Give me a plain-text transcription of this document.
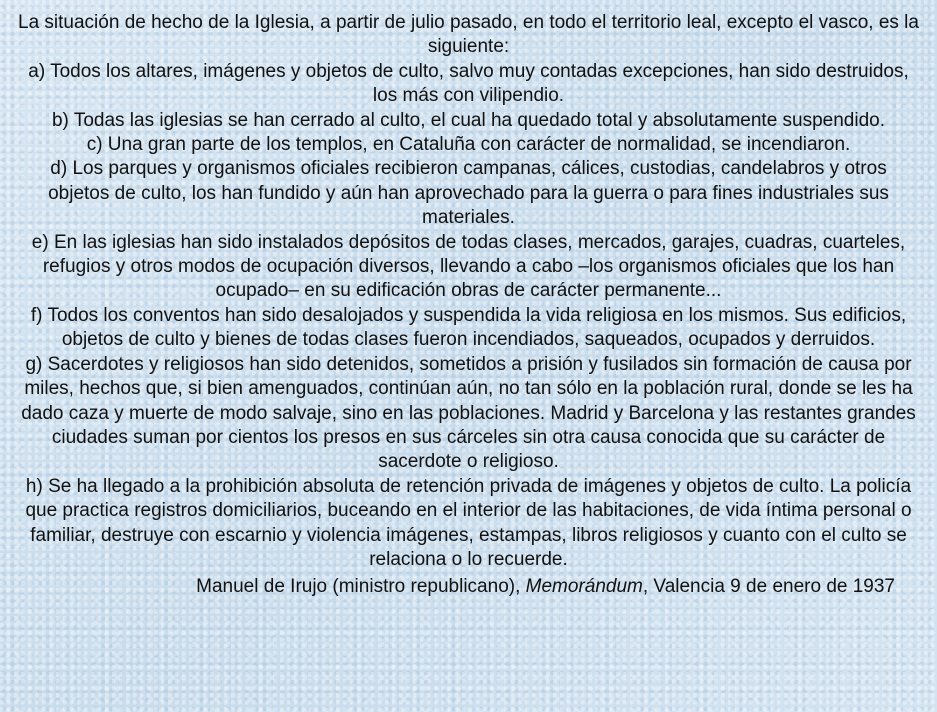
La situación de hecho de la Iglesia, a partir de julio pasado, en todo el territorio leal, excepto el vasco, es la siguiente:

a) Todos los altares, imágenes y objetos de culto, salvo muy contadas excepciones, han sido destruidos, los más con vilipendio.

b) Todas las iglesias se han cerrado al culto, el cual ha quedado total y absolutamente suspendido.

c) Una gran parte de los templos, en Cataluña con carácter de normalidad, se incendiaron.

d) Los parques y organismos oficiales recibieron campanas, cálices, custodias, candelabros y otros objetos de culto, los han fundido y aún han aprovechado para la guerra o para fines industriales sus materiales.

e) En las iglesias han sido instalados depósitos de todas clases, mercados, garajes, cuadras, cuarteles, refugios y otros modos de ocupación diversos, llevando a cabo –los organismos oficiales que los han ocupado– en su edificación obras de carácter permanente...

f) Todos los conventos han sido desalojados y suspendida la vida religiosa en los mismos. Sus edificios, objetos de culto y bienes de todas clases fueron incendiados, saqueados, ocupados y derruidos.

g) Sacerdotes y religiosos han sido detenidos, sometidos a prisión y fusilados sin formación de causa por miles, hechos que, si bien amenguados, continúan aún, no tan sólo en la población rural, donde se les ha dado caza y muerte de modo salvaje, sino en las poblaciones. Madrid y Barcelona y las restantes grandes ciudades suman por cientos los presos en sus cárceles sin otra causa conocida que su carácter de sacerdote o religioso.

h) Se ha llegado a la prohibición absoluta de retención privada de imágenes y objetos de culto. La policía que practica registros domiciliarios, buceando en el interior de las habitaciones, de vida íntima personal o familiar, destruye con escarnio y violencia imágenes, estampas, libros religiosos y cuanto con el culto se relaciona o lo recuerde.

Manuel de Irujo (ministro republicano), Memorándum, Valencia 9 de enero de 1937
